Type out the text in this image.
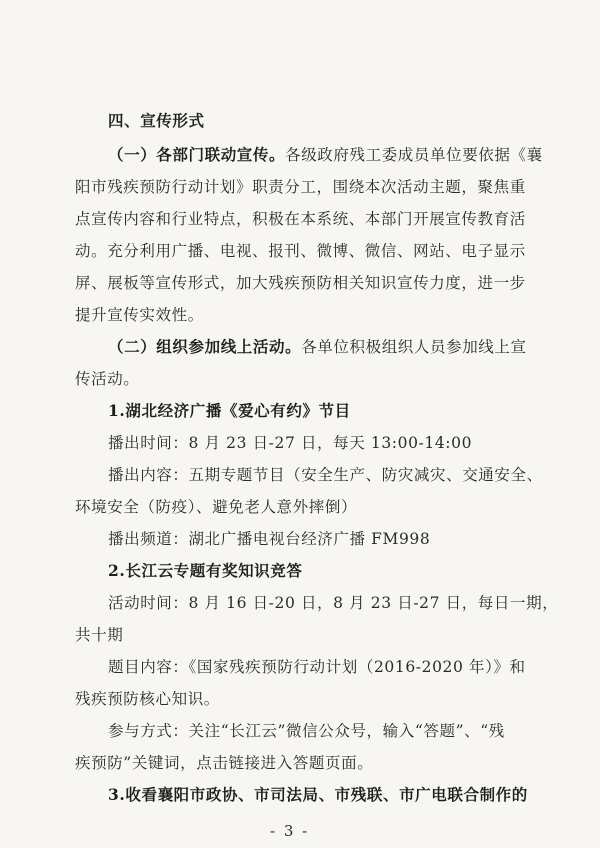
四、宣传形式
（一）各部门联动宣传。各级政府残工委成员单位要依据《襄
阳市残疾预防行动计划》职责分工，围绕本次活动主题，聚焦重
点宣传内容和行业特点，积极在本系统、本部门开展宣传教育活
动。充分利用广播、电视、报刊、微博、微信、网站、电子显示
屏、展板等宣传形式，加大残疾预防相关知识宣传力度，进一步
提升宣传实效性。
（二）组织参加线上活动。各单位积极组织人员参加线上宣
传活动。
1.湖北经济广播《爱心有约》节目
播出时间：8 月 23 日-27 日，每天 13:00-14:00
播出内容：五期专题节目（安全生产、防灾减灾、交通安全、
环境安全（防疫）、避免老人意外摔倒）
播出频道：湖北广播电视台经济广播 FM998
2.长江云专题有奖知识竞答
活动时间：8 月 16 日-20 日，8 月 23 日-27 日，每日一期，
共十期
题目内容：《国家残疾预防行动计划（2016-2020 年）》和
残疾预防核心知识。
参与方式：关注“长江云”微信公众号，输入“答题”、“残
疾预防”关键词，点击链接进入答题页面。
3.收看襄阳市政协、市司法局、市残联、市广电联合制作的
- 3 -
